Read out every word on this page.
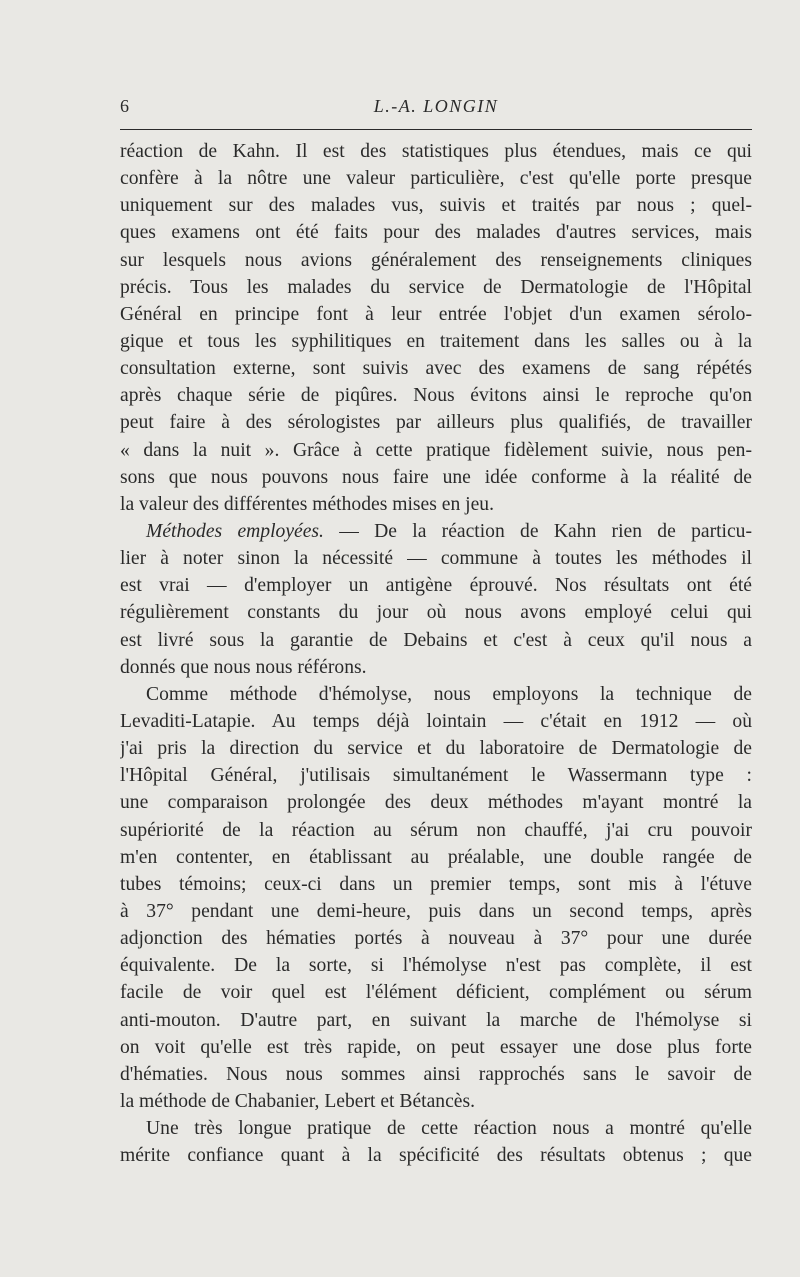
6	L.-A. LONGIN
réaction de Kahn. Il est des statistiques plus étendues, mais ce qui
confère à la nôtre une valeur particulière, c'est qu'elle porte presque
uniquement sur des malades vus, suivis et traités par nous ; quel-
ques examens ont été faits pour des malades d'autres services, mais
sur lesquels nous avions généralement des renseignements cliniques
précis. Tous les malades du service de Dermatologie de l'Hôpital
Général en principe font à leur entrée l'objet d'un examen sérolo-
gique et tous les syphilitiques en traitement dans les salles ou à la
consultation externe, sont suivis avec des examens de sang répétés
après chaque série de piqûres. Nous évitons ainsi le reproche qu'on
peut faire à des sérologistes par ailleurs plus qualifiés, de travailler
« dans la nuit ». Grâce à cette pratique fidèlement suivie, nous pen-
sons que nous pouvons nous faire une idée conforme à la réalité de
la valeur des différentes méthodes mises en jeu.
Méthodes employées. — De la réaction de Kahn rien de particu-
lier à noter sinon la nécessité — commune à toutes les méthodes il
est vrai — d'employer un antigène éprouvé. Nos résultats ont été
régulièrement constants du jour où nous avons employé celui qui
est livré sous la garantie de Debains et c'est à ceux qu'il nous a
donnés que nous nous référons.
Comme méthode d'hémolyse, nous employons la technique de
Levaditi-Latapie. Au temps déjà lointain — c'était en 1912 — où
j'ai pris la direction du service et du laboratoire de Dermatologie de
l'Hôpital Général, j'utilisais simultanément le Wassermann type :
une comparaison prolongée des deux méthodes m'ayant montré la
supériorité de la réaction au sérum non chauffé, j'ai cru pouvoir
m'en contenter, en établissant au préalable, une double rangée de
tubes témoins; ceux-ci dans un premier temps, sont mis à l'étuve
à 37° pendant une demi-heure, puis dans un second temps, après
adjonction des hématies portés à nouveau à 37° pour une durée
équivalente. De la sorte, si l'hémolyse n'est pas complète, il est
facile de voir quel est l'élément déficient, complément ou sérum
anti-mouton. D'autre part, en suivant la marche de l'hémolyse si
on voit qu'elle est très rapide, on peut essayer une dose plus forte
d'hématies. Nous nous sommes ainsi rapprochés sans le savoir de
la méthode de Chabanier, Lebert et Bétancès.
Une très longue pratique de cette réaction nous a montré qu'elle
mérite confiance quant à la spécificité des résultats obtenus ; que
